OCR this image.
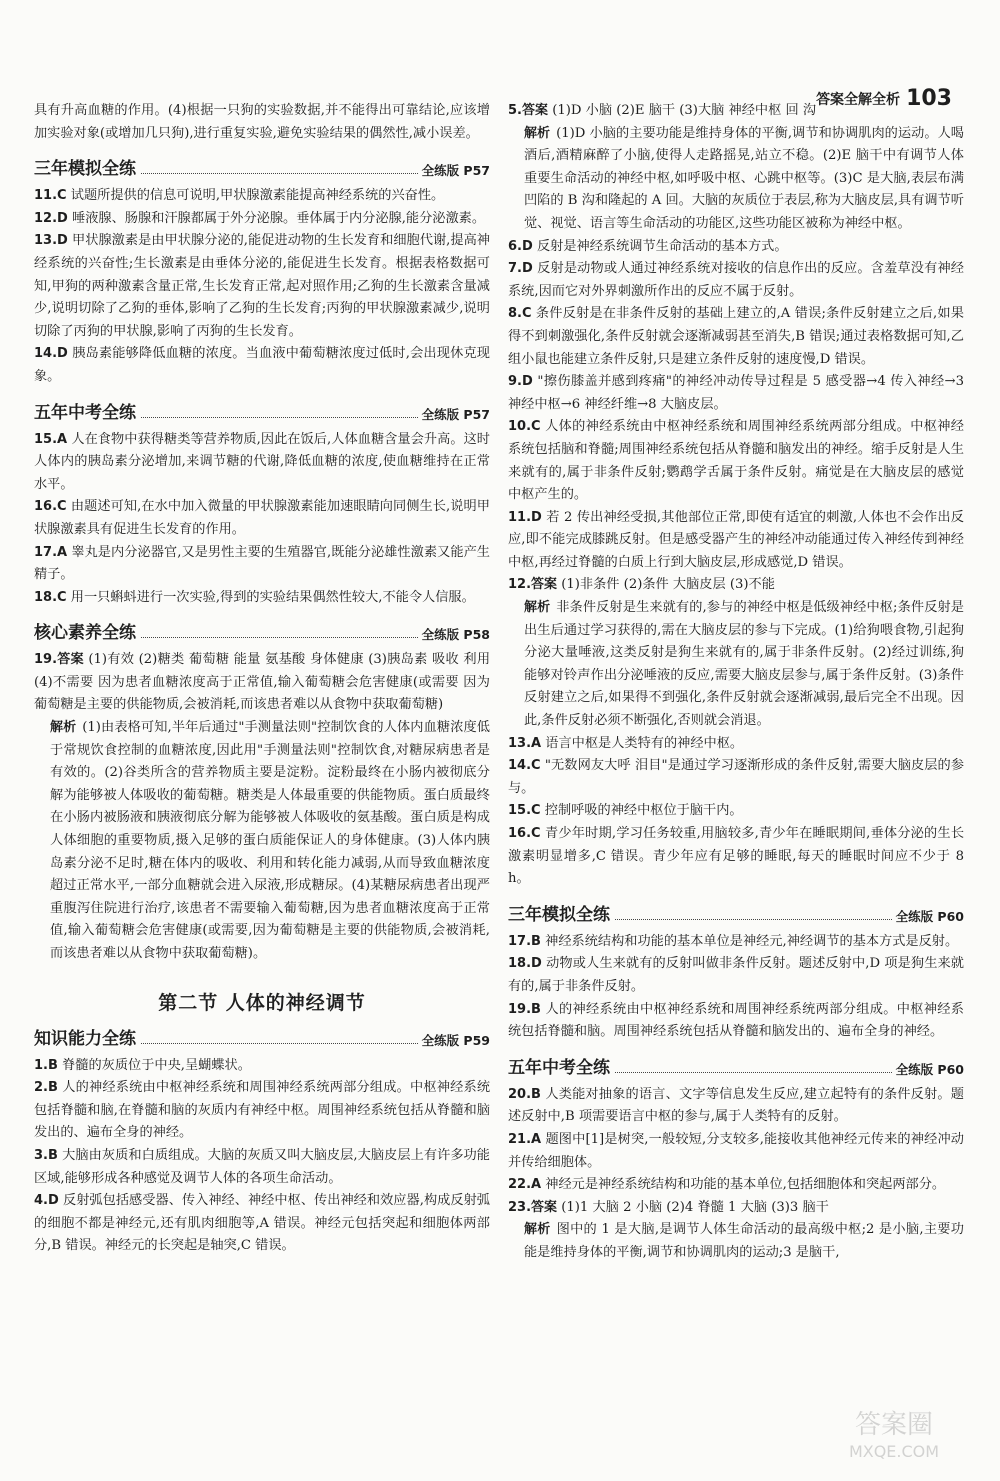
答案全解全析 103

具有升高血糖的作用。(4)根据一只狗的实验数据,并不能得出可靠结论,应该增加实验对象(或增加几只狗),进行重复实验,避免实验结果的偶然性,减小误差。

三年模拟全练	全练版 P57

11.C 试题所提供的信息可说明,甲状腺激素能提高神经系统的兴奋性。

12.D 唾液腺、肠腺和汗腺都属于外分泌腺。垂体属于内分泌腺,能分泌激素。

13.D 甲状腺激素是由甲状腺分泌的,能促进动物的生长发育和细胞代谢,提高神经系统的兴奋性;生长激素是由垂体分泌的,能促进生长发育。根据表格数据可知,甲狗的两种激素含量正常,生长发育正常,起对照作用;乙狗的生长激素含量减少,说明切除了乙狗的垂体,影响了乙狗的生长发育;丙狗的甲状腺激素减少,说明切除了丙狗的甲状腺,影响了丙狗的生长发育。

14.D 胰岛素能够降低血糖的浓度。当血液中葡萄糖浓度过低时,会出现休克现象。

五年中考全练	全练版 P57

15.A 人在食物中获得糖类等营养物质,因此在饭后,人体血糖含量会升高。这时人体内的胰岛素分泌增加,来调节糖的代谢,降低血糖的浓度,使血糖维持在正常水平。

16.C 由题述可知,在水中加入微量的甲状腺激素能加速眼睛向同侧生长,说明甲状腺激素具有促进生长发育的作用。

17.A 睾丸是内分泌器官,又是男性主要的生殖器官,既能分泌雄性激素又能产生精子。

18.C 用一只蝌蚪进行一次实验,得到的实验结果偶然性较大,不能令人信服。

核心素养全练	全练版 P58

19.答案 (1)有效 (2)糖类 葡萄糖 能量 氨基酸 身体健康 (3)胰岛素 吸收 利用 (4)不需要 因为患者血糖浓度高于正常值,输入葡萄糖会危害健康(或需要 因为葡萄糖是主要的供能物质,会被消耗,而该患者难以从食物中获取葡萄糖)

解析 (1)由表格可知,半年后通过"手测量法则"控制饮食的人体内血糖浓度低于常规饮食控制的血糖浓度,因此用"手测量法则"控制饮食,对糖尿病患者是有效的。(2)谷类所含的营养物质主要是淀粉。淀粉最终在小肠内被彻底分解为能够被人体吸收的葡萄糖。糖类是人体最重要的供能物质。蛋白质最终在小肠内被肠液和胰液彻底分解为能够被人体吸收的氨基酸。蛋白质是构成人体细胞的重要物质,摄入足够的蛋白质能保证人的身体健康。(3)人体内胰岛素分泌不足时,糖在体内的吸收、利用和转化能力减弱,从而导致血糖浓度超过正常水平,一部分血糖就会进入尿液,形成糖尿。(4)某糖尿病患者出现严重腹泻住院进行治疗,该患者不需要输入葡萄糖,因为患者血糖浓度高于正常值,输入葡萄糖会危害健康(或需要,因为葡萄糖是主要的供能物质,会被消耗,而该患者难以从食物中获取葡萄糖)。

第二节 人体的神经调节
知识能力全练	全练版 P59

1.B 脊髓的灰质位于中央,呈蝴蝶状。

2.B 人的神经系统由中枢神经系统和周围神经系统两部分组成。中枢神经系统包括脊髓和脑,在脊髓和脑的灰质内有神经中枢。周围神经系统包括从脊髓和脑发出的、遍布全身的神经。

3.B 大脑由灰质和白质组成。大脑的灰质又叫大脑皮层,大脑皮层上有许多功能区域,能够形成各种感觉及调节人体的各项生命活动。

4.D 反射弧包括感受器、传入神经、神经中枢、传出神经和效应器,构成反射弧的细胞不都是神经元,还有肌肉细胞等,A 错误。神经元包括突起和细胞体两部分,B 错误。神经元的长突起是轴突,C 错误。

5.答案 (1)D 小脑 (2)E 脑干 (3)大脑 神经中枢 回 沟

解析 (1)D 小脑的主要功能是维持身体的平衡,调节和协调肌肉的运动。人喝酒后,酒精麻醉了小脑,使得人走路摇晃,站立不稳。(2)E 脑干中有调节人体重要生命活动的神经中枢,如呼吸中枢、心跳中枢等。(3)C 是大脑,表层布满凹陷的 B 沟和隆起的 A 回。大脑的灰质位于表层,称为大脑皮层,具有调节听觉、视觉、语言等生命活动的功能区,这些功能区被称为神经中枢。

6.D 反射是神经系统调节生命活动的基本方式。

7.D 反射是动物或人通过神经系统对接收的信息作出的反应。含羞草没有神经系统,因而它对外界刺激所作出的反应不属于反射。

8.C 条件反射是在非条件反射的基础上建立的,A 错误;条件反射建立之后,如果得不到刺激强化,条件反射就会逐渐减弱甚至消失,B 错误;通过表格数据可知,乙组小鼠也能建立条件反射,只是建立条件反射的速度慢,D 错误。

9.D "擦伤膝盖并感到疼痛"的神经冲动传导过程是 5 感受器→4 传入神经→3 神经中枢→6 神经纤维→8 大脑皮层。

10.C 人体的神经系统由中枢神经系统和周围神经系统两部分组成。中枢神经系统包括脑和脊髓;周围神经系统包括从脊髓和脑发出的神经。缩手反射是人生来就有的,属于非条件反射;鹦鹉学舌属于条件反射。痛觉是在大脑皮层的感觉中枢产生的。

11.D 若 2 传出神经受损,其他部位正常,即使有适宜的刺激,人体也不会作出反应,即不能完成膝跳反射。但是感受器产生的神经冲动能通过传入神经传到神经中枢,再经过脊髓的白质上行到大脑皮层,形成感觉,D 错误。

12.答案 (1)非条件 (2)条件 大脑皮层 (3)不能

解析 非条件反射是生来就有的,参与的神经中枢是低级神经中枢;条件反射是出生后通过学习获得的,需在大脑皮层的参与下完成。(1)给狗喂食物,引起狗分泌大量唾液,这类反射是狗生来就有的,属于非条件反射。(2)经过训练,狗能够对铃声作出分泌唾液的反应,需要大脑皮层参与,属于条件反射。(3)条件反射建立之后,如果得不到强化,条件反射就会逐渐减弱,最后完全不出现。因此,条件反射必须不断强化,否则就会消退。

13.A 语言中枢是人类特有的神经中枢。

14.C "无数网友大呼 泪目"是通过学习逐渐形成的条件反射,需要大脑皮层的参与。

15.C 控制呼吸的神经中枢位于脑干内。

16.C 青少年时期,学习任务较重,用脑较多,青少年在睡眠期间,垂体分泌的生长激素明显增多,C 错误。青少年应有足够的睡眠,每天的睡眠时间应不少于 8 h。

三年模拟全练	全练版 P60

17.B 神经系统结构和功能的基本单位是神经元,神经调节的基本方式是反射。

18.D 动物或人生来就有的反射叫做非条件反射。题述反射中,D 项是狗生来就有的,属于非条件反射。

19.B 人的神经系统由中枢神经系统和周围神经系统两部分组成。中枢神经系统包括脊髓和脑。周围神经系统包括从脊髓和脑发出的、遍布全身的神经。

五年中考全练	全练版 P60

20.B 人类能对抽象的语言、文字等信息发生反应,建立起特有的条件反射。题述反射中,B 项需要语言中枢的参与,属于人类特有的反射。

21.A 题图中[1]是树突,一般较短,分支较多,能接收其他神经元传来的神经冲动并传给细胞体。

22.A 神经元是神经系统结构和功能的基本单位,包括细胞体和突起两部分。

23.答案 (1)1 大脑 2 小脑 (2)4 脊髓 1 大脑 (3)3 脑干

解析 图中的 1 是大脑,是调节人体生命活动的最高级中枢;2 是小脑,主要功能是维持身体的平衡,调节和协调肌肉的运动;3 是脑干,

答案圈
MXQE.COM
